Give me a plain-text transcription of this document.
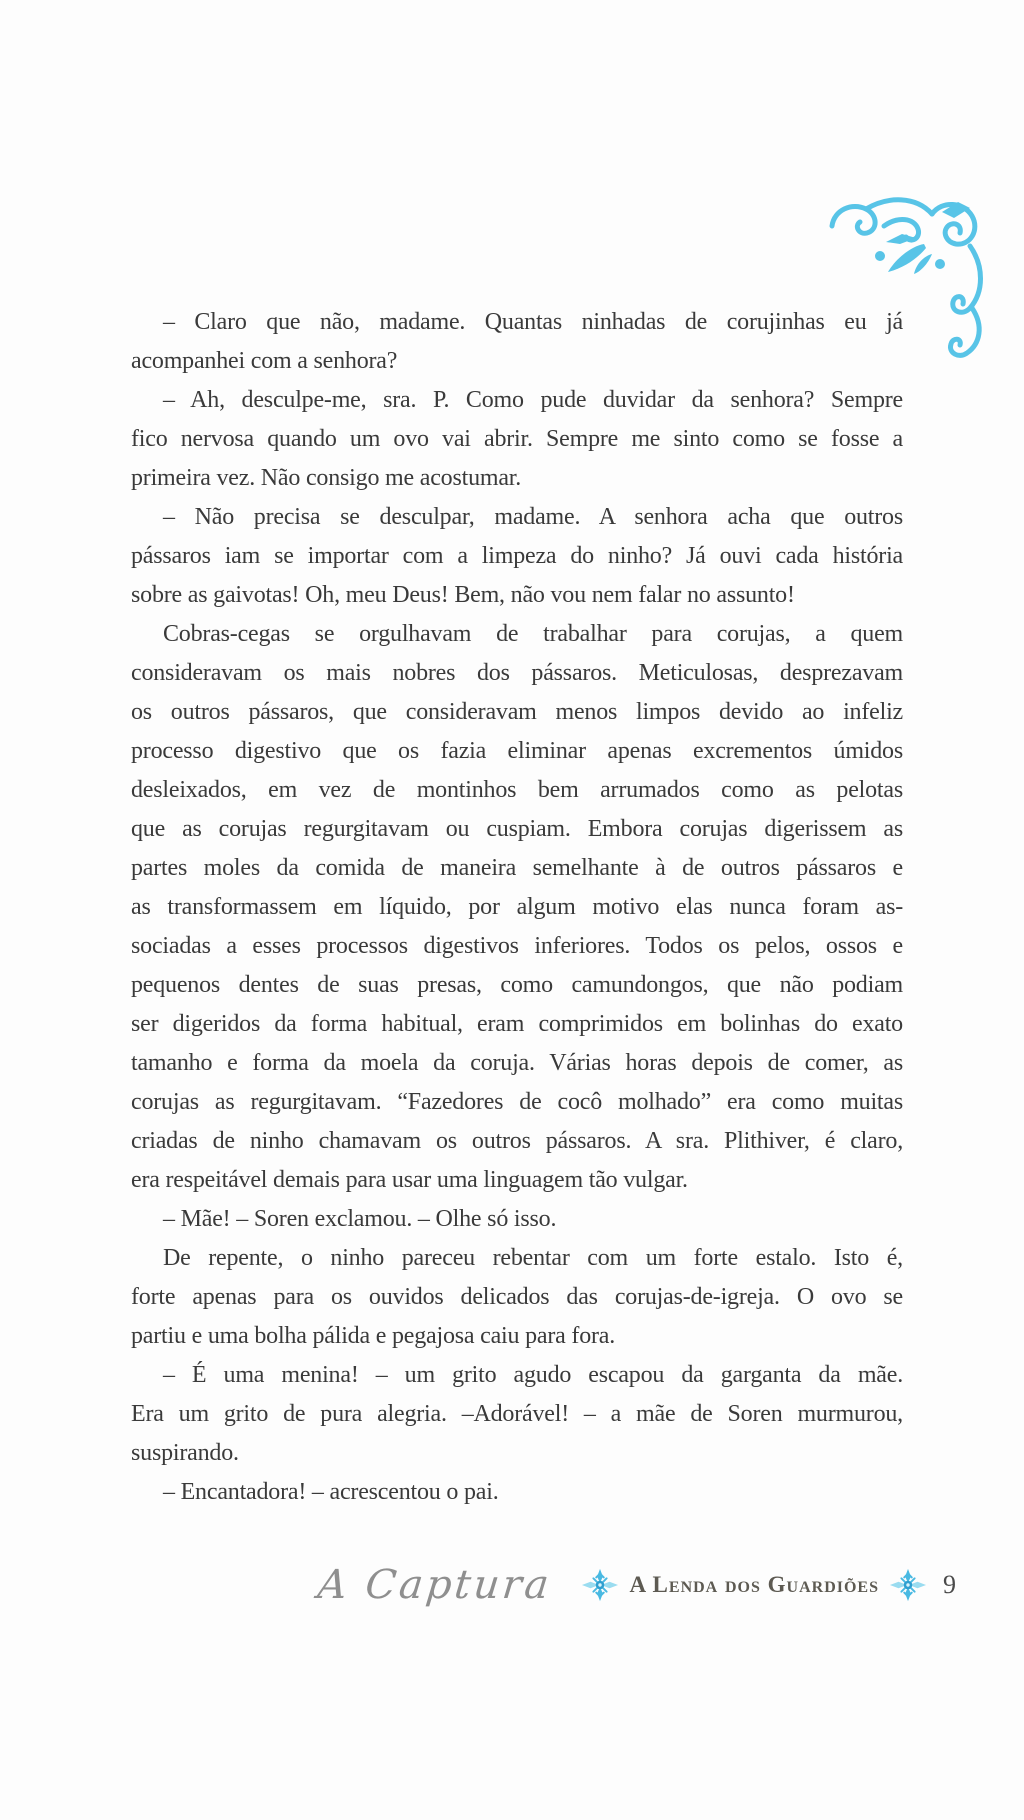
– Claro que não, madame. Quantas ninhadas de corujinhas eu já
acompanhei com a senhora?
– Ah, desculpe-me, sra. P. Como pude duvidar da senhora? Sempre
fico nervosa quando um ovo vai abrir. Sempre me sinto como se fosse a
primeira vez. Não consigo me acostumar.
– Não precisa se desculpar, madame. A senhora acha que outros
pássaros iam se importar com a limpeza do ninho? Já ouvi cada história
sobre as gaivotas! Oh, meu Deus! Bem, não vou nem falar no assunto!
Cobras-cegas se orgulhavam de trabalhar para corujas, a quem
consideravam os mais nobres dos pássaros. Meticulosas, desprezavam
os outros pássaros, que consideravam menos limpos devido ao infeliz
processo digestivo que os fazia eliminar apenas excrementos úmidos
desleixados, em vez de montinhos bem arrumados como as pelotas
que as corujas regurgitavam ou cuspiam. Embora corujas digerissem as
partes moles da comida de maneira semelhante à de outros pássaros e
as transformassem em líquido, por algum motivo elas nunca foram as-
sociadas a esses processos digestivos inferiores. Todos os pelos, ossos e
pequenos dentes de suas presas, como camundongos, que não podiam
ser digeridos da forma habitual, eram comprimidos em bolinhas do exato
tamanho e forma da moela da coruja. Várias horas depois de comer, as
corujas as regurgitavam. “Fazedores de cocô molhado” era como muitas
criadas de ninho chamavam os outros pássaros. A sra. Plithiver, é claro,
era respeitável demais para usar uma linguagem tão vulgar.
– Mãe! – Soren exclamou. – Olhe só isso.
De repente, o ninho pareceu rebentar com um forte estalo. Isto é,
forte apenas para os ouvidos delicados das corujas-de-igreja. O ovo se
partiu e uma bolha pálida e pegajosa caiu para fora.
– É uma menina! – um grito agudo escapou da garganta da mãe.
Era um grito de pura alegria. –Adorável! – a mãe de Soren murmurou,
suspirando.
– Encantadora! – acrescentou o pai.
A Captura	A Lenda dos Guardiões 9
